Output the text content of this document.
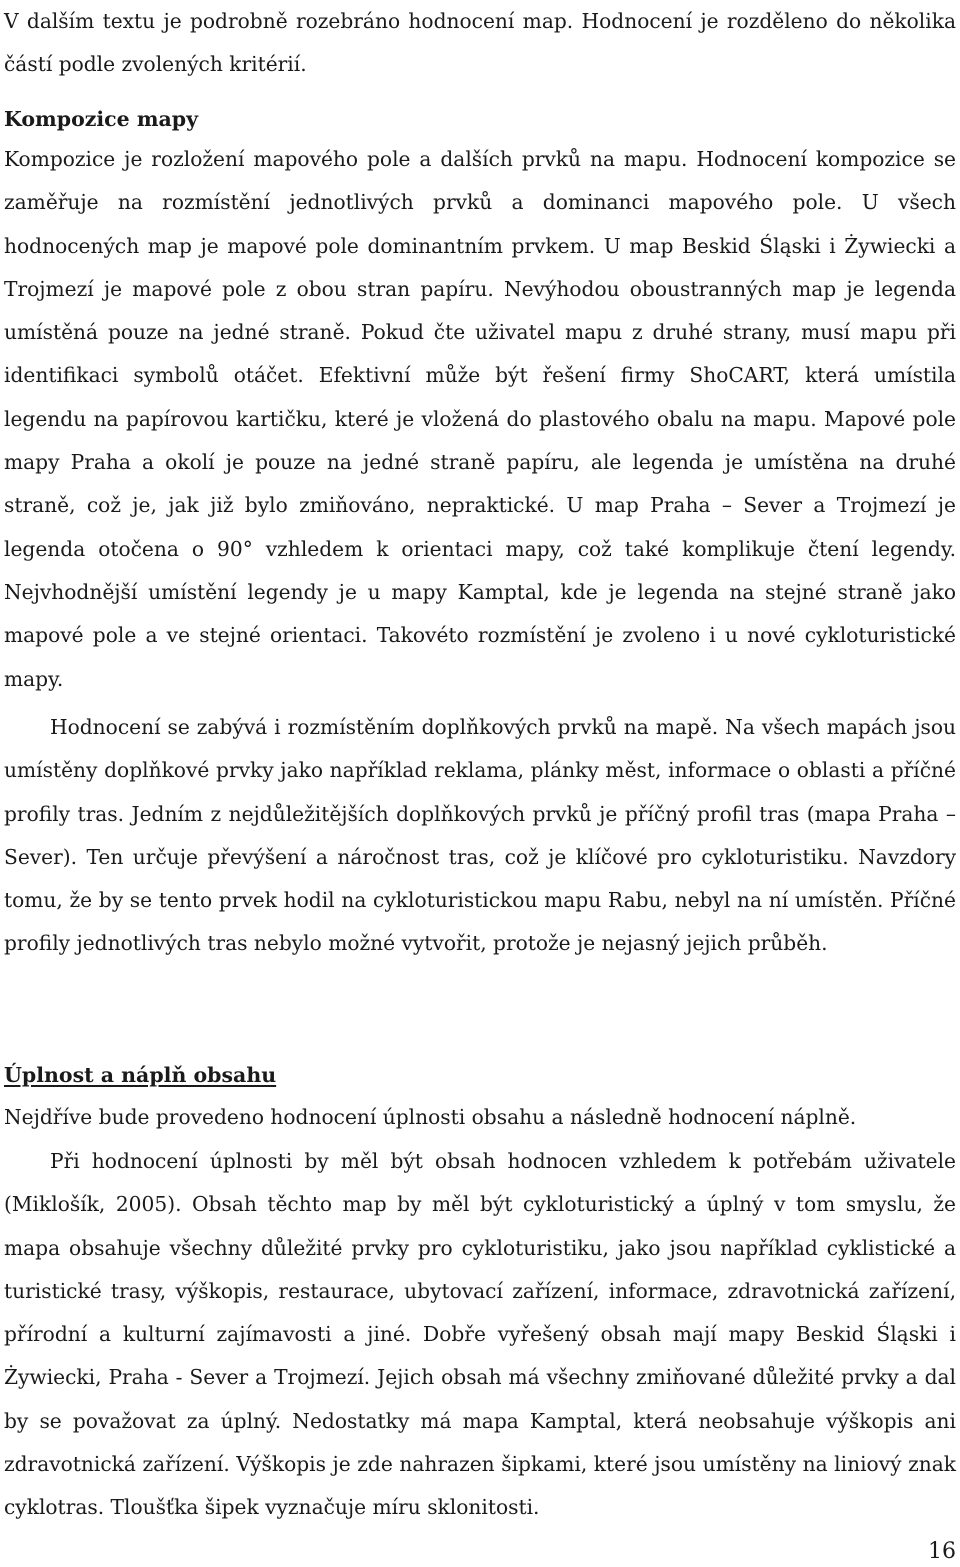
V dalším textu je podrobně rozebráno hodnocení map. Hodnocení je rozděleno do několika částí podle zvolených kritérií.

Kompozice mapy

Kompozice je rozložení mapového pole a dalších prvků na mapu. Hodnocení kompozice se zaměřuje na rozmístění jednotlivých prvků a dominanci mapového pole. U všech hodnocených map je mapové pole dominantním prvkem. U map Beskid Śląski i Żywiecki a Trojmezí je mapové pole z obou stran papíru. Nevýhodou oboustranných map je legenda umístěná pouze na jedné straně. Pokud čte uživatel mapu z druhé strany, musí mapu při identifikaci symbolů otáčet. Efektivní může být řešení firmy ShoCART, která umístila legendu na papírovou kartičku, které je vložená do plastového obalu na mapu. Mapové pole mapy Praha a okolí je pouze na jedné straně papíru, ale legenda je umístěna na druhé straně, což je, jak již bylo zmiňováno, nepraktické. U map Praha – Sever a Trojmezí je legenda otočena o 90° vzhledem k orientaci mapy, což také komplikuje čtení legendy. Nejvhodnější umístění legendy je u mapy Kamptal, kde je legenda na stejné straně jako mapové pole a ve stejné orientaci. Takovéto rozmístění je zvoleno i u nové cykloturistické mapy.

Hodnocení se zabývá i rozmístěním doplňkových prvků na mapě. Na všech mapách jsou umístěny doplňkové prvky jako například reklama, plánky měst, informace o oblasti a příčné profily tras. Jedním z nejdůležitějších doplňkových prvků je příčný profil tras (mapa Praha – Sever). Ten určuje převýšení a náročnost tras, což je klíčové pro cykloturistiku. Navzdory tomu, že by se tento prvek hodil na cykloturistickou mapu Rabu, nebyl na ní umístěn. Příčné profily jednotlivých tras nebylo možné vytvořit, protože je nejasný jejich průběh.

Úplnost a náplň obsahu

Nejdříve bude provedeno hodnocení úplnosti obsahu a následně hodnocení náplně.

Při hodnocení úplnosti by měl být obsah hodnocen vzhledem k potřebám uživatele (Miklošík, 2005). Obsah těchto map by měl být cykloturistický a úplný v tom smyslu, že mapa obsahuje všechny důležité prvky pro cykloturistiku, jako jsou například cyklistické a turistické trasy, výškopis, restaurace, ubytovací zařízení, informace, zdravotnická zařízení, přírodní a kulturní zajímavosti a jiné. Dobře vyřešený obsah mají mapy Beskid Śląski i Żywiecki, Praha - Sever a Trojmezí. Jejich obsah má všechny zmiňované důležité prvky a dal by se považovat za úplný. Nedostatky má mapa Kamptal, která neobsahuje výškopis ani zdravotnická zařízení. Výškopis je zde nahrazen šipkami, které jsou umístěny na liniový znak cyklotras. Tloušťka šipek vyznačuje míru sklonitosti.

16
